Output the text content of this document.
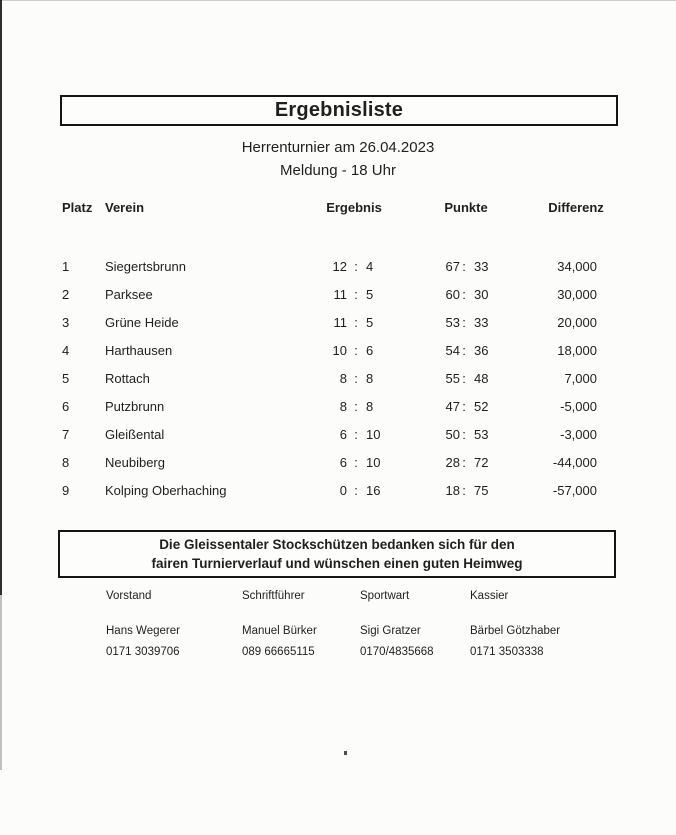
Ergebnisliste
Herrenturnier am 26.04.2023
Meldung - 18 Uhr
Platz Verein	Ergebnis	Punkte	Differenz
1	Siegertsbrunn	12 : 4	67 : 33	34,000
2	Parksee	11 : 5	60 : 30	30,000
3	Grüne Heide	11 : 5	53 : 33	20,000
4	Harthausen	10 : 6	54 : 36	18,000
5	Rottach	8 : 8	55 : 48	7,000
6	Putzbrunn	8 : 8	47 : 52	-5,000
7	Gleißental	6 : 10	50 : 53	-3,000
8	Neubiberg	6 : 10	28 : 72	-44,000
9	Kolping Oberhaching	0 : 16	18 : 75	-57,000
Die Gleissentaler Stockschützen bedanken sich für den
fairen Turnierverlauf und wünschen einen guten Heimweg
Vorstand
Hans Wegerer
0171 3039706
Schriftführer
Manuel Bürker
089 66665115
Sportwart
Sigi Gratzer
0170/4835668
Kassier
Bärbel Götzhaber
0171 3503338
